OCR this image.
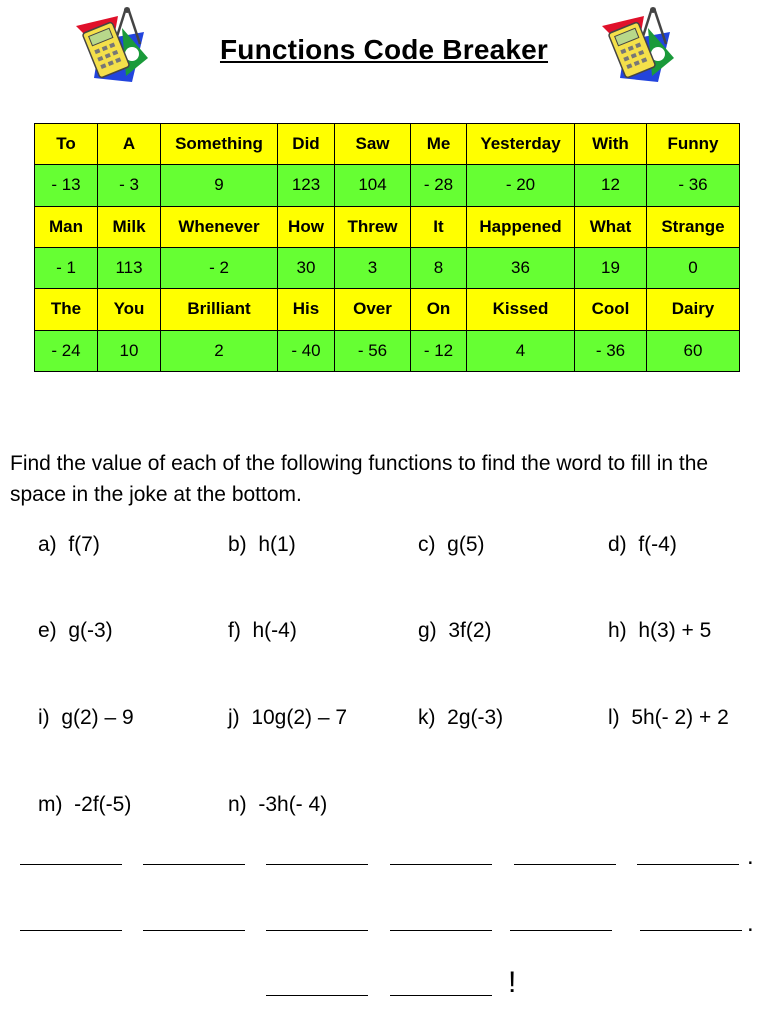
Functions Code Breaker
To	A	Something	Did	Saw	Me	Yesterday	With	Funny
- 13	- 3	9	123	104	- 28	- 20	12	- 36
Man	Milk	Whenever	How	Threw	It	Happened	What	Strange
- 1	113	- 2	30	3	8	36	19	0
The	You	Brilliant	His	Over	On	Kissed	Cool	Dairy
- 24	10	2	- 40	- 56	- 12	4	- 36	60
Find the value of each of the following functions to find the word to fill in the space in the joke at the bottom.
a)  f(7)	b)  h(1)	c)  g(5)	d)  f(-4)
e)  g(-3)	f)  h(-4)	g)  3f(2)	h)  h(3) + 5
i)  g(2) – 9	j)  10g(2) – 7	k)  2g(-3)	l)  5h(- 2) + 2
m)  -2f(-5)	n)  -3h(- 4)
.
.
!
